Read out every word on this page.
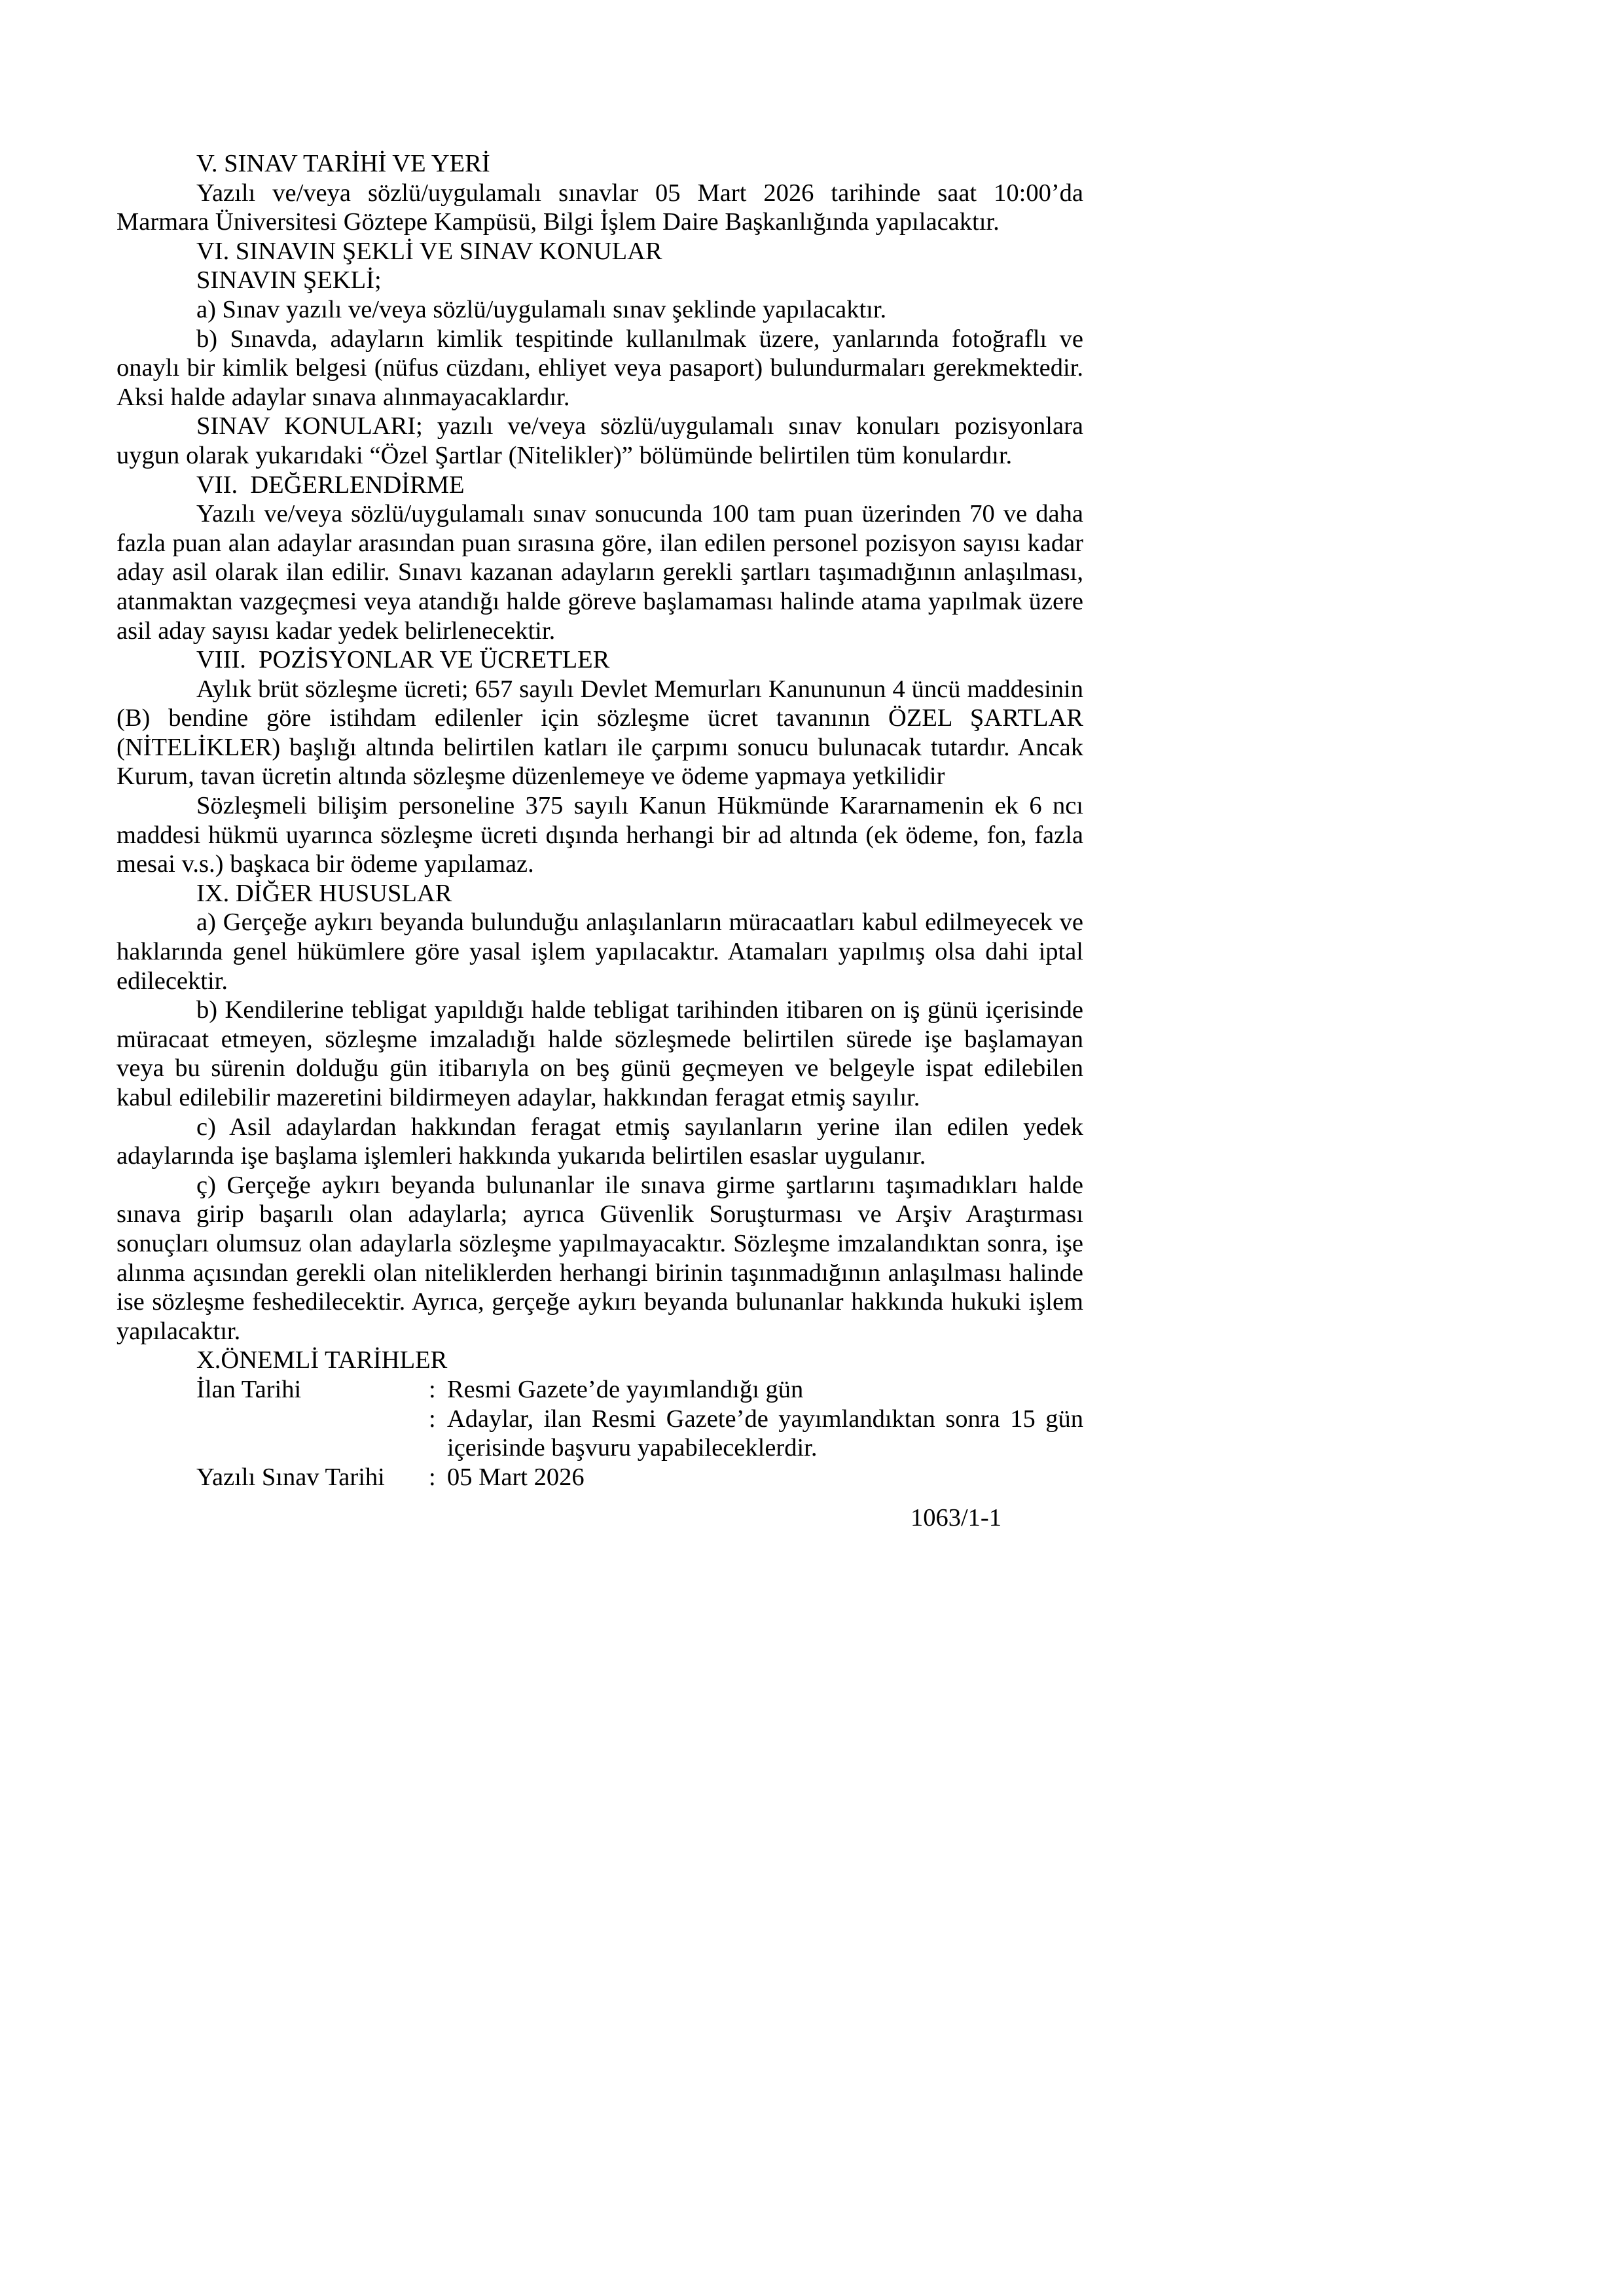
V. SINAV TARİHİ VE YERİ

Yazılı ve/veya sözlü/uygulamalı sınavlar 05 Mart 2026 tarihinde saat 10:00’da Marmara Üniversitesi Göztepe Kampüsü, Bilgi İşlem Daire Başkanlığında yapılacaktır.

VI. SINAVIN ŞEKLİ VE SINAV KONULAR

SINAVIN ŞEKLİ;

a) Sınav yazılı ve/veya sözlü/uygulamalı sınav şeklinde yapılacaktır.

b) Sınavda, adayların kimlik tespitinde kullanılmak üzere, yanlarında fotoğraflı ve onaylı bir kimlik belgesi (nüfus cüzdanı, ehliyet veya pasaport) bulundurmaları gerekmektedir. Aksi halde adaylar sınava alınmayacaklardır.

SINAV KONULARI; yazılı ve/veya sözlü/uygulamalı sınav konuları pozisyonlara uygun olarak yukarıdaki “Özel Şartlar (Nitelikler)” bölümünde belirtilen tüm konulardır.

VII.  DEĞERLENDİRME

Yazılı ve/veya sözlü/uygulamalı sınav sonucunda 100 tam puan üzerinden 70 ve daha fazla puan alan adaylar arasından puan sırasına göre, ilan edilen personel pozisyon sayısı kadar aday asil olarak ilan edilir. Sınavı kazanan adayların gerekli şartları taşımadığının anlaşılması, atanmaktan vazgeçmesi veya atandığı halde göreve başlamaması halinde atama yapılmak üzere asil aday sayısı kadar yedek belirlenecektir.

VIII.  POZİSYONLAR VE ÜCRETLER

Aylık brüt sözleşme ücreti; 657 sayılı Devlet Memurları Kanununun 4 üncü maddesinin (B) bendine göre istihdam edilenler için sözleşme ücret tavanının ÖZEL ŞARTLAR (NİTELİKLER) başlığı altında belirtilen katları ile çarpımı sonucu bulunacak tutardır. Ancak Kurum, tavan ücretin altında sözleşme düzenlemeye ve ödeme yapmaya yetkilidir

Sözleşmeli bilişim personeline 375 sayılı Kanun Hükmünde Kararnamenin ek 6 ncı maddesi hükmü uyarınca sözleşme ücreti dışında herhangi bir ad altında (ek ödeme, fon, fazla mesai v.s.) başkaca bir ödeme yapılamaz.

IX. DİĞER HUSUSLAR

a) Gerçeğe aykırı beyanda bulunduğu anlaşılanların müracaatları kabul edilmeyecek ve haklarında genel hükümlere göre yasal işlem yapılacaktır. Atamaları yapılmış olsa dahi iptal edilecektir.

b) Kendilerine tebligat yapıldığı halde tebligat tarihinden itibaren on iş günü içerisinde müracaat etmeyen, sözleşme imzaladığı halde sözleşmede belirtilen sürede işe başlamayan veya bu sürenin dolduğu gün itibarıyla on beş günü geçmeyen ve belgeyle ispat edilebilen kabul edilebilir mazeretini bildirmeyen adaylar, hakkından feragat etmiş sayılır.

c) Asil adaylardan hakkından feragat etmiş sayılanların yerine ilan edilen yedek adaylarında işe başlama işlemleri hakkında yukarıda belirtilen esaslar uygulanır.

ç) Gerçeğe aykırı beyanda bulunanlar ile sınava girme şartlarını taşımadıkları halde sınava girip başarılı olan adaylarla; ayrıca Güvenlik Soruşturması ve Arşiv Araştırması sonuçları olumsuz olan adaylarla sözleşme yapılmayacaktır. Sözleşme imzalandıktan sonra, işe alınma açısından gerekli olan niteliklerden herhangi birinin taşınmadığının anlaşılması halinde ise sözleşme feshedilecektir. Ayrıca, gerçeğe aykırı beyanda bulunanlar hakkında hukuki işlem yapılacaktır.

X.ÖNEMLİ TARİHLER

İlan Tarihi	: Resmi Gazete’de yayımlandığı gün
: Adaylar, ilan Resmi Gazete’de yayımlandıktan sonra 15 gün içerisinde başvuru yapabileceklerdir.
Yazılı Sınav Tarihi	: 05 Mart 2026

1063/1-1
